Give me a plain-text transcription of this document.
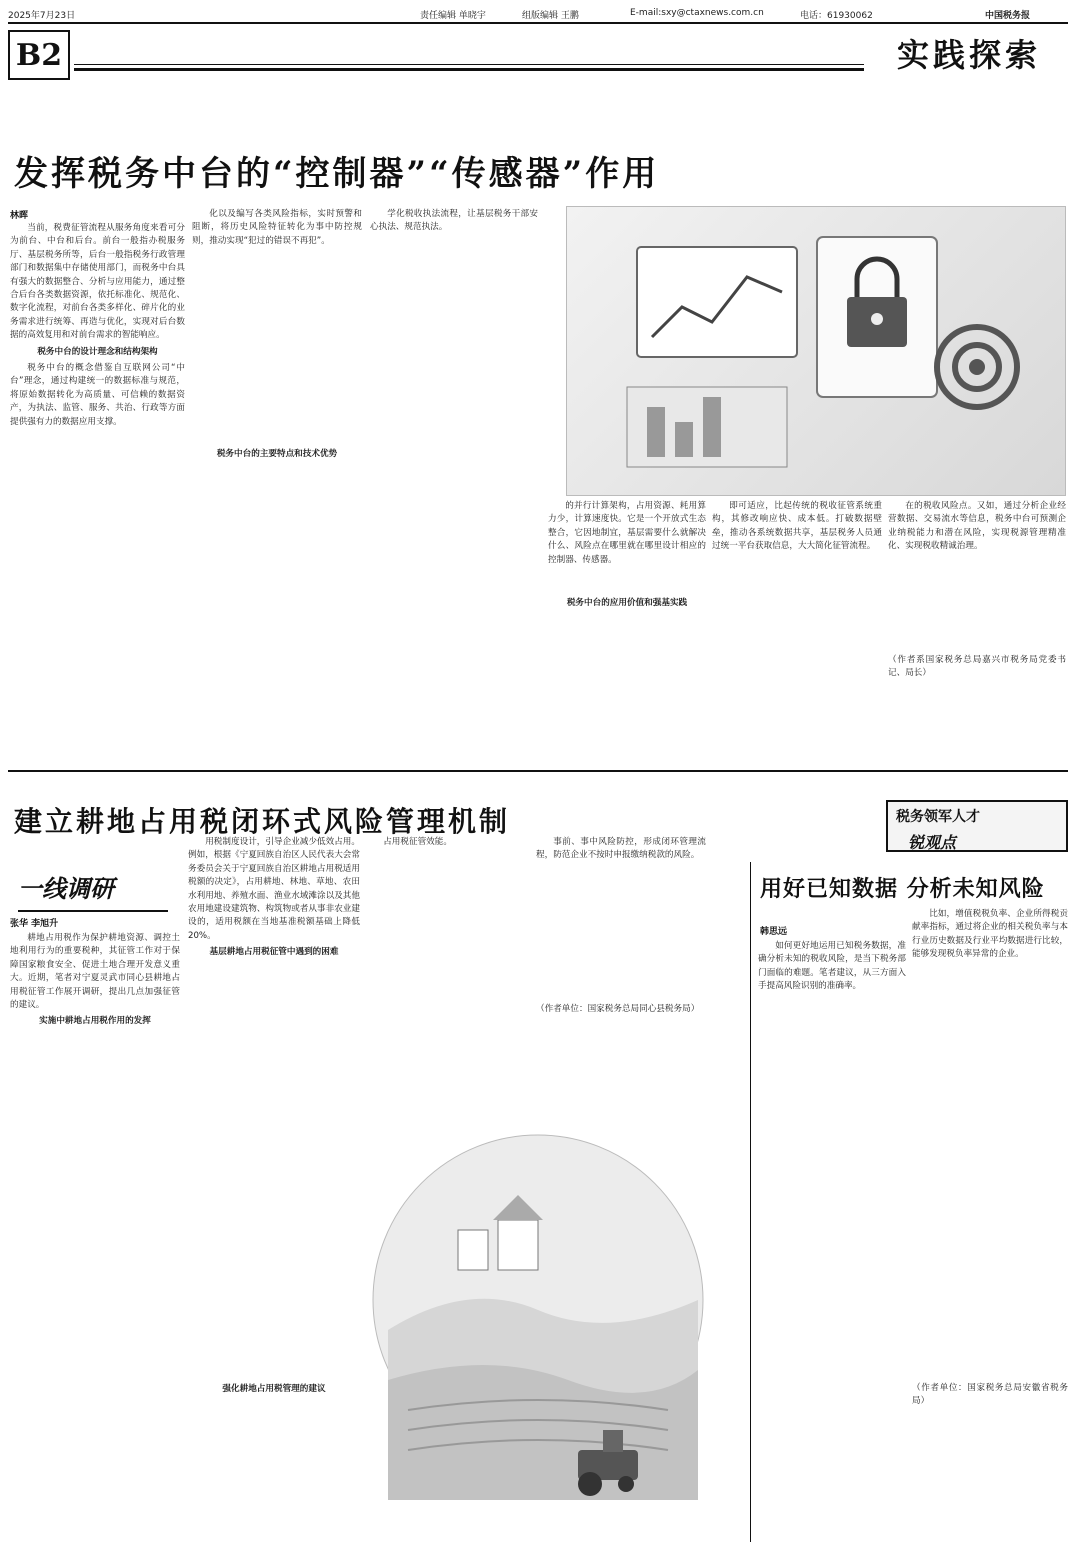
2025年7月23日	责任编辑 单晓宇	组版编辑 王鹏	E-mail:sxy@ctaxnews.com.cn	电话：61930062	中国税务报
B2	实践探索
发挥税务中台的“控制器”“传感器”作用
林晖

当前，税费征管流程从服务角度来看可分为前台、中台和后台。前台一般指办税服务厅、基层税务所等，后台一般指税务行政管理部门和数据集中存储使用部门，而税务中台具有强大的数据整合、分析与应用能力，通过整合后台各类数据资源，依托标准化、规范化、数字化流程，对前台各类多样化、碎片化的业务需求进行统筹、再造与优化，实现对后台数据的高效复用和对前台需求的智能响应。

税务中台的设计理念和结构架构

税务中台的概念借鉴自互联网公司“中台”理念，通过构建统一的数据标准与规范，将原始数据转化为高质量、可信赖的数据资产，为执法、监管、服务、共治、行政等方面提供强有力的数据应用支撑。

化以及编写各类风险指标，实时预警和阻断，将历史风险特征转化为事中防控规则，推动实现“犯过的错误不再犯”。

税务中台的主要特点和技术优势

学化税收执法流程，让基层税务干部安心执法、规范执法。

的并行计算架构，占用资源、耗用算力少，计算速度快。它是一个开放式生态整合，它因地制宜，基层需要什么就解决什么、风险点在哪里就在哪里设计相应的控制器、传感器。

税务中台的应用价值和强基实践

即可适应，比起传统的税收征管系统重构，其修改响应快、成本低。打破数据壁垒，推动各系统数据共享，基层税务人员通过统一平台获取信息，大大简化征管流程。

在的税收风险点。又如，通过分析企业经营数据、交易流水等信息，税务中台可预测企业纳税能力和潜在风险，实现税源管理精准化、实现税收精诚治理。

（作者系国家税务总局嘉兴市税务局党委书记、局长）

建立耕地占用税闭环式风险管理机制
一线调研
张华 李旭升

耕地占用税作为保护耕地资源、调控土地利用行为的重要税种，其征管工作对于保障国家粮食安全、促进土地合理开发意义重大。近期，笔者对宁夏灵武市同心县耕地占用税征管工作展开调研，提出几点加强征管的建议。

实施中耕地占用税作用的发挥

用税制度设计，引导企业减少低效占用。例如，根据《宁夏回族自治区人民代表大会常务委员会关于宁夏回族自治区耕地占用税适用税额的决定》，占用耕地、林地、草地、农田水利用地、养殖水面、渔业水域滩涂以及其他农用地建设建筑物、构筑物或者从事非农业建设的，适用税额在当地基准税额基础上降低20%。

基层耕地占用税征管中遇到的困难

占用税征管效能。	事前、事中风险防控，形成闭环管理流程，防范企业不按时申报缴纳税款的风险。

（作者单位：国家税务总局同心县税务局）

强化耕地占用税管理的建议
税务领军人才
锐观点
用好已知数据 分析未知风险
韩思远

如何更好地运用已知税务数据，准确分析未知的税收风险，是当下税务部门面临的难题。笔者建议，从三方面入手提高风险识别的准确率。

比如，增值税税负率、企业所得税贡献率指标，通过将企业的相关税负率与本行业历史数据及行业平均数据进行比较，能够发现税负率异常的企业。

（作者单位：国家税务总局安徽省税务局）
